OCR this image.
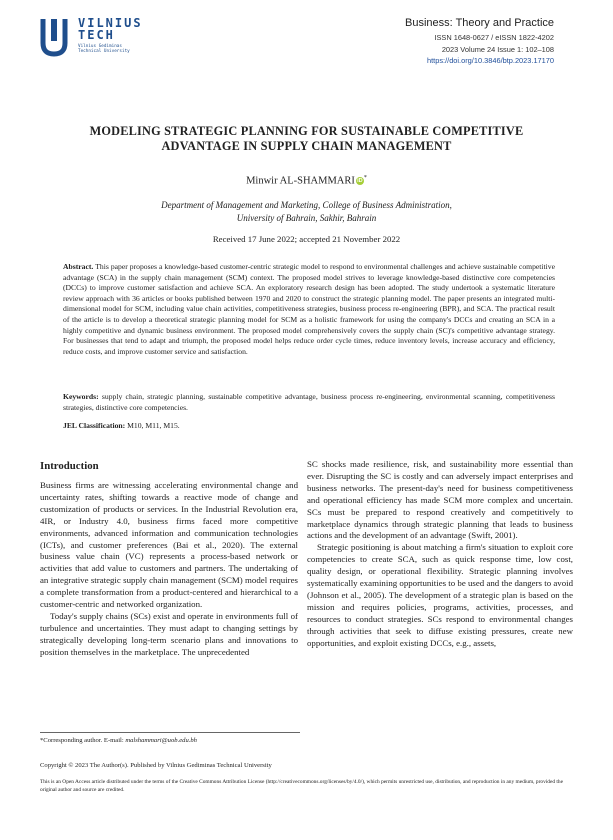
VILNIUS
TECH
Vilnius Gediminas
Technical University
Business: Theory and Practice
ISSN 1648-0627 / eISSN 1822-4202
2023 Volume 24 Issue 1: 102–108
https://doi.org/10.3846/btp.2023.17170
MODELING STRATEGIC PLANNING FOR SUSTAINABLE COMPETITIVE
ADVANTAGE IN SUPPLY CHAIN MANAGEMENT
Minwir AL-SHAMMARI iD*
Department of Management and Marketing, College of Business Administration,
University of Bahrain, Sakhir, Bahrain
Received 17 June 2022; accepted 21 November 2022
Abstract. This paper proposes a knowledge-based customer-centric strategic model to respond to environmental challenges and achieve sustainable competitive advantage (SCA) in the supply chain management (SCM) context. The proposed model strives to leverage knowledge-based distinctive core competencies (DCCs) to improve customer satisfaction and achieve SCA. An exploratory research design has been adopted. The study undertook a systematic literature review approach with 36 articles or books published between 1970 and 2020 to construct the strategic planning model. The paper presents an integrated multi-dimensional model for SCM, including value chain activities, competitiveness strategies, business process re-engineering (BPR), and SCA. The practical result of the article is to develop a theoretical strategic planning model for SCM as a holistic framework for using the company's DCCs and creating an SCA in a highly competitive and dynamic business environment. The proposed model comprehensively covers the supply chain (SC)'s competitive advantage strategy. For businesses that tend to adapt and triumph, the proposed model helps reduce order cycle times, reduce inventory levels, increase accuracy and efficiency, reduce costs, and improve customer service and satisfaction.
Keywords: supply chain, strategic planning, sustainable competitive advantage, business process re-engineering, environmental scanning, competitiveness strategies, distinctive core competencies.
JEL Classification: M10, M11, M15.
Introduction

Business firms are witnessing accelerating environmental change and uncertainty rates, shifting towards a reactive mode of change and customization of products or services. In the Industrial Revolution era, 4IR, or Industry 4.0, business firms faced more competitive environments, advanced information and communication technologies (ICTs), and customer preferences (Bai et al., 2020). The external business value chain (VC) represents a process-based network or activities that add value to customers and partners. The undertaking of an integrative strategic supply chain management (SCM) model requires a complete transformation from a product-centered and hierarchical to a customer-centric and networked organization.

Today's supply chains (SCs) exist and operate in environments full of turbulence and uncertainties. They must adapt to changing settings by strategically developing long-term scenario plans and innovations to position themselves in the marketplace. The unprecedented

SC shocks made resilience, risk, and sustainability more essential than ever. Disrupting the SC is costly and can adversely impact enterprises and business networks. The present-day's need for business competitiveness and operational efficiency has made SCM more complex and uncertain. SCs must be prepared to respond creatively and competitively to marketplace dynamics through strategic planning that leads to business actions and the development of an advantage (Swift, 2001).

Strategic positioning is about matching a firm's situation to exploit core competencies to create SCA, such as quick response time, low cost, quality design, or operational flexibility. Strategic planning involves systematically examining opportunities to be used and the dangers to avoid (Johnson et al., 2005). The development of a strategic plan is based on the mission and requires policies, programs, activities, processes, and resources to conduct strategies. SCs respond to environmental changes through activities that seek to diffuse existing pressures, create new opportunities, and exploit existing DCCs, e.g., assets,

*Corresponding author. E-mail: malshammari@uob.edu.bh
Copyright © 2023 The Author(s). Published by Vilnius Gediminas Technical University
This is an Open Access article distributed under the terms of the Creative Commons Attribution License (http://creativecommons.org/licenses/by/4.0/), which permits unrestricted use, distribution, and reproduction in any medium, provided the original author and source are credited.
